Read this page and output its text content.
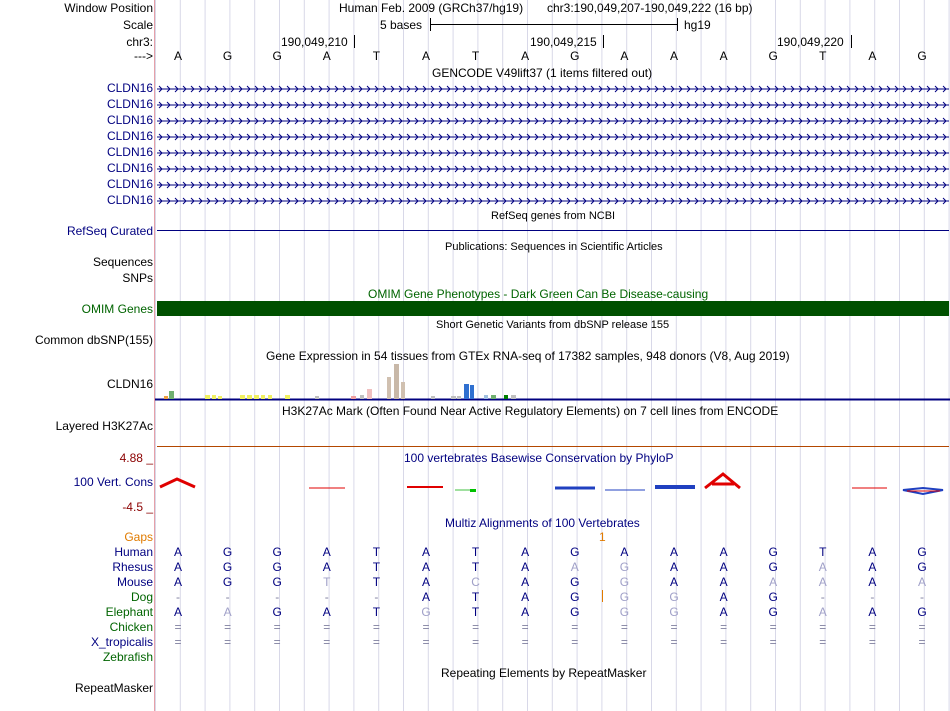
Window Position	Human Feb. 2009 (GRCh37/hg19) chr3:190,049,207-190,049,222 (16 bp)
Scale	5 bases	hg19
chr3:	190,049,210	190,049,215	190,049,220
--->	A	G	G	A	T	A	T	A	G	A	A	A	G	T	A	G
GENCODE V49lift37 (1 items filtered out)
CLDN16
CLDN16
CLDN16
CLDN16
CLDN16
CLDN16
CLDN16
CLDN16
RefSeq genes from NCBI
RefSeq Curated
Publications: Sequences in Scientific Articles
Sequences
SNPs
OMIM Gene Phenotypes - Dark Green Can Be Disease-causing
OMIM Genes
Short Genetic Variants from dbSNP release 155
Common dbSNP(155)
Gene Expression in 54 tissues from GTEx RNA-seq of 17382 samples, 948 donors (V8, Aug 2019)
CLDN16
H3K27Ac Mark (Often Found Near Active Regulatory Elements) on 7 cell lines from ENCODE
Layered H3K27Ac
100 vertebrates Basewise Conservation by PhyloP
100 Vert. Cons
4.88 _
-4.5 _
Multiz Alignments of 100 Vertebrates
Gaps	1
Human	A	G	G	A	T	A	T	A	G	A	A	A	G	T	A	G
Rhesus	A	G	G	A	T	A	T	A	A	G	A	A	G	A	A	G
Mouse	A	G	G	T	T	A	C	A	G	G	A	A	A	A	A	A
Dog	-	-	-	-	-	A	T	A	G	G	G	A	G	-	-	-
Elephant	A	A	G	A	T	G	T	A	G	G	G	A	G	A	A	G
Chicken	=	=	=	=	=	=	=	=	=	=	=	=	=	=	=	=
X_tropicalis	=	=	=	=	=	=	=	=	=	=	=	=	=	=	=	=
Zebrafish
Repeating Elements by RepeatMasker
RepeatMasker
